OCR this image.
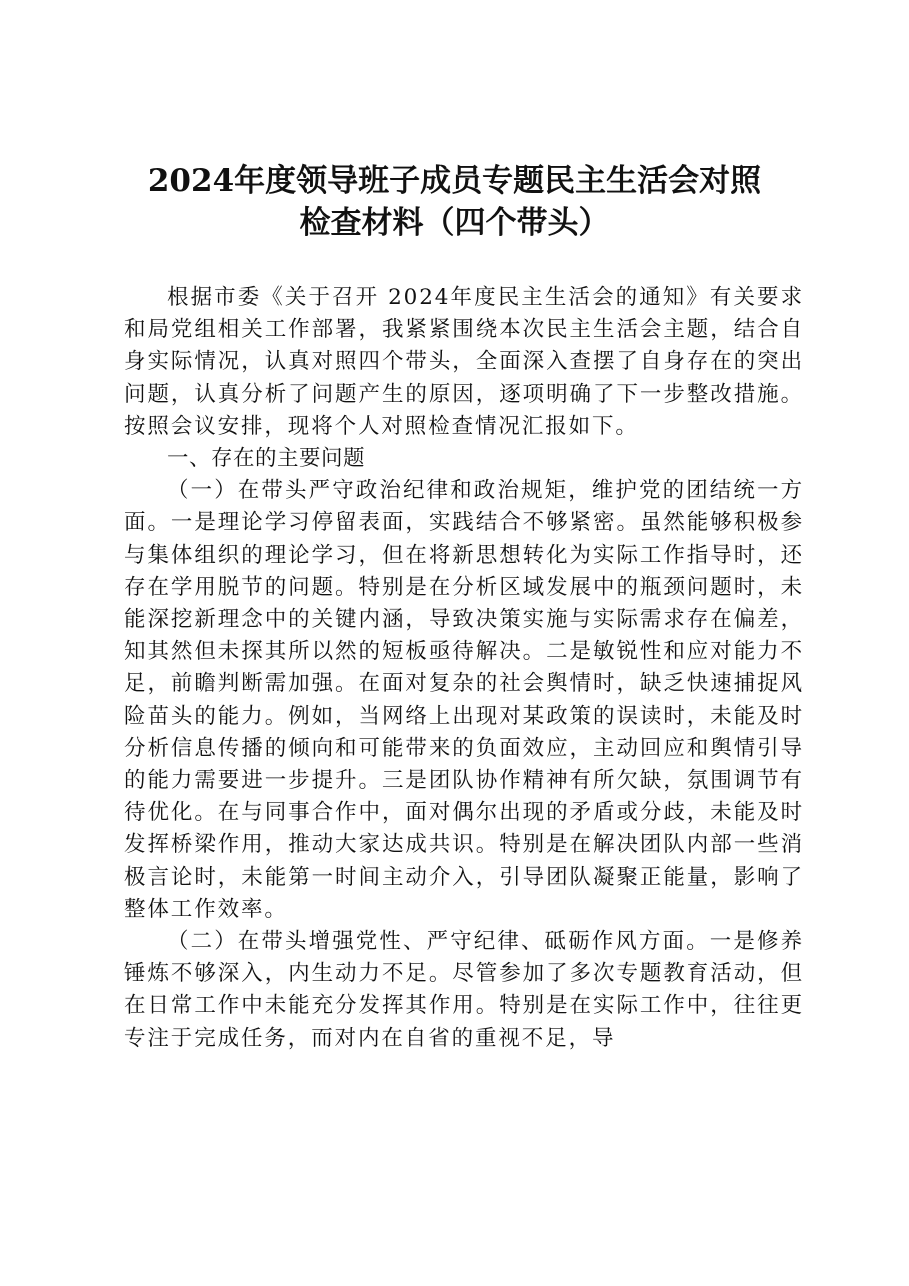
2024年度领导班子成员专题民主生活会对照
检查材料（四个带头）

根据市委《关于召开 2024年度民主生活会的通知》有关要求和局党组相关工作部署，我紧紧围绕本次民主生活会主题，结合自身实际情况，认真对照四个带头，全面深入查摆了自身存在的突出问题，认真分析了问题产生的原因，逐项明确了下一步整改措施。按照会议安排，现将个人对照检查情况汇报如下。

一、存在的主要问题

（一）在带头严守政治纪律和政治规矩，维护党的团结统一方面。一是理论学习停留表面，实践结合不够紧密。虽然能够积极参与集体组织的理论学习，但在将新思想转化为实际工作指导时，还存在学用脱节的问题。特别是在分析区域发展中的瓶颈问题时，未能深挖新理念中的关键内涵，导致决策实施与实际需求存在偏差，知其然但未探其所以然的短板亟待解决。二是敏锐性和应对能力不足，前瞻判断需加强。在面对复杂的社会舆情时，缺乏快速捕捉风险苗头的能力。例如，当网络上出现对某政策的误读时，未能及时分析信息传播的倾向和可能带来的负面效应，主动回应和舆情引导的能力需要进一步提升。三是团队协作精神有所欠缺，氛围调节有待优化。在与同事合作中，面对偶尔出现的矛盾或分歧，未能及时发挥桥梁作用，推动大家达成共识。特别是在解决团队内部一些消极言论时，未能第一时间主动介入，引导团队凝聚正能量，影响了整体工作效率。

（二）在带头增强党性、严守纪律、砥砺作风方面。一是修养锤炼不够深入，内生动力不足。尽管参加了多次专题教育活动，但在日常工作中未能充分发挥其作用。特别是在实际工作中，往往更专注于完成任务，而对内在自省的重视不足，导
